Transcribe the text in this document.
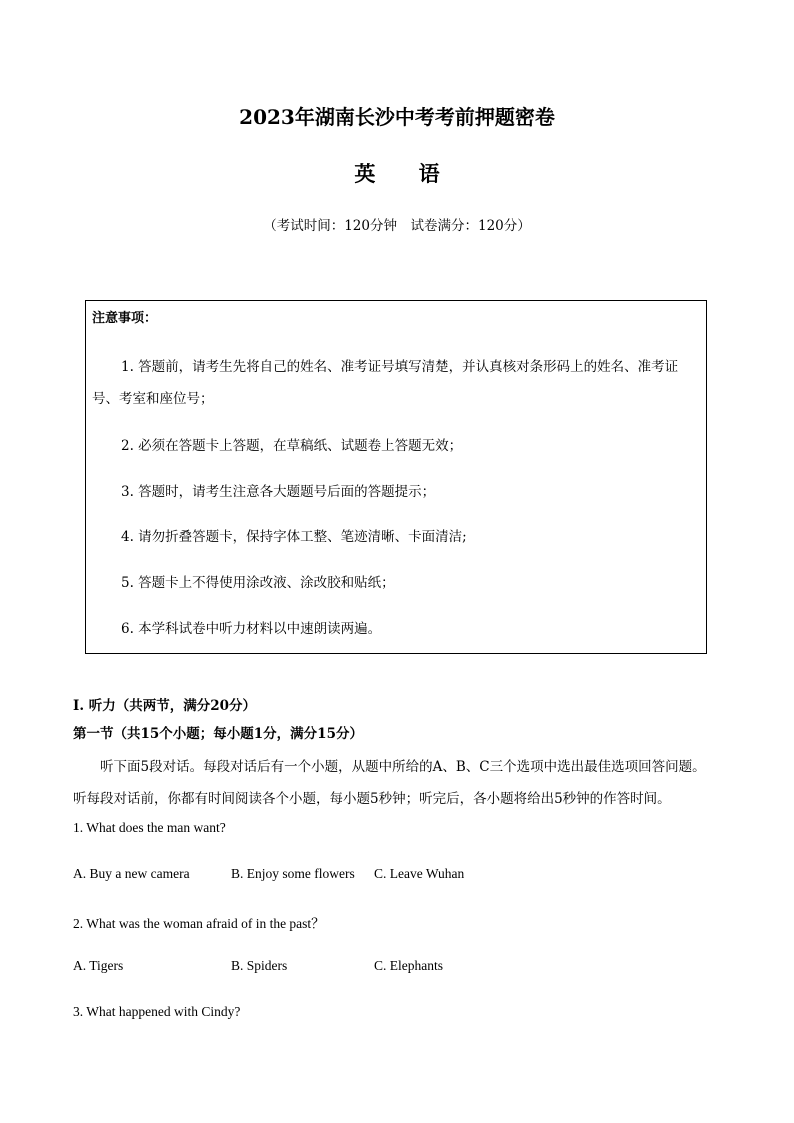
2023年湖南长沙中考考前押题密卷
英 语
（考试时间：120分钟　试卷满分：120分）
注意事项：
1. 答题前，请考生先将自己的姓名、准考证号填写清楚，并认真核对条形码上的姓名、准考证
号、考室和座位号；
2. 必须在答题卡上答题，在草稿纸、试题卷上答题无效；
3. 答题时，请考生注意各大题题号后面的答题提示；
4. 请勿折叠答题卡，保持字体工整、笔迹清晰、卡面清洁;
5. 答题卡上不得使用涂改液、涂改胶和贴纸；
6. 本学科试卷中听力材料以中速朗读两遍。
I. 听力（共两节，满分20分）
第一节（共15个小题；每小题1分，满分15分）
听下面5段对话。每段对话后有一个小题，从题中所给的A、B、C三个选项中选出最佳选项回答问题。
听每段对话前，你都有时间阅读各个小题，每小题5秒钟；听完后，各小题将给出5秒钟的作答时间。
1. What does the man want?
A. Buy a new camera	B. Enjoy some flowers C. Leave Wuhan
2. What was the woman afraid of in the past？
A. Tigers	B. Spiders	C. Elephants
3. What happened with Cindy?
